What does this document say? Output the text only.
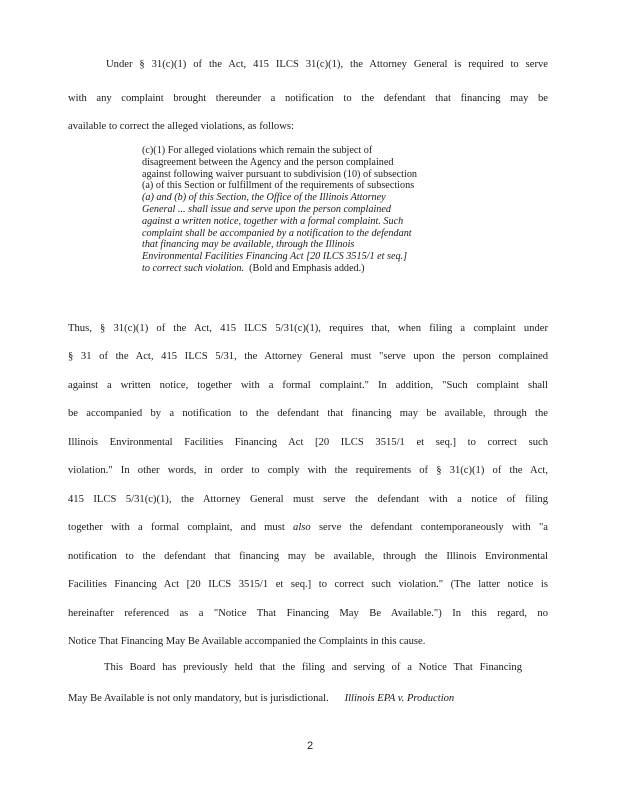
Under § 31(c)(1) of the Act, 415 ILCS 31(c)(1), the Attorney General is required to serve
with any complaint brought thereunder a notification to the defendant that financing may be
available to correct the alleged violations, as follows:
(c)(1) For alleged violations which remain the subject of
disagreement between the Agency and the person complained
against following waiver pursuant to subdivision (10) of subsection
(a) of this Section or fulfillment of the requirements of subsections
(a) and (b) of this Section, the Office of the Illinois Attorney
General ... shall issue and serve upon the person complained
against a written notice, together with a formal complaint. Such
complaint shall be accompanied by a notification to the defendant
that financing may be available, through the Illinois
Environmental Facilities Financing Act [20 ILCS 3515/1 et seq.]
to correct such violation. (Bold and Emphasis added.)
Thus, § 31(c)(1) of the Act, 415 ILCS 5/31(c)(1), requires that, when filing a complaint under
§ 31 of the Act, 415 ILCS 5/31, the Attorney General must "serve upon the person complained
against a written notice, together with a formal complaint." In addition, "Such complaint shall
be accompanied by a notification to the defendant that financing may be available, through the
Illinois Environmental Facilities Financing Act [20 ILCS 3515/1 et seq.] to correct such
violation." In other words, in order to comply with the requirements of § 31(c)(1) of the Act,
415 ILCS 5/31(c)(1), the Attorney General must serve the defendant with a notice of filing
together with a formal complaint, and must also serve the defendant contemporaneously with "a
notification to the defendant that financing may be available, through the Illinois Environmental
Facilities Financing Act [20 ILCS 3515/1 et seq.] to correct such violation." (The latter notice is
hereinafter referenced as a "Notice That Financing May Be Available.") In this regard, no
Notice That Financing May Be Available accompanied the Complaints in this cause.
This Board has previously held that the filing and serving of a Notice That Financing
May Be Available is not only mandatory, but is jurisdictional. Illinois EPA v. Production
2
